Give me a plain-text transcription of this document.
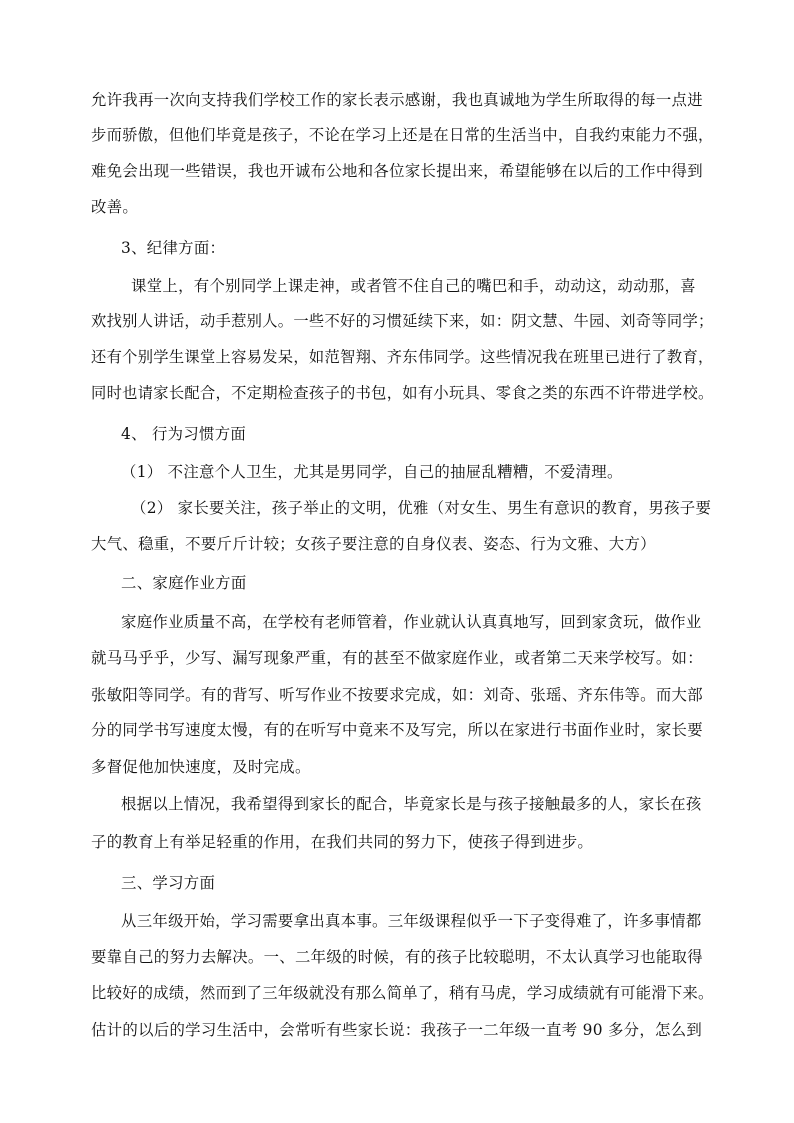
允许我再一次向支持我们学校工作的家长表示感谢，我也真诚地为学生所取得的每一点进
步而骄傲，但他们毕竟是孩子，不论在学习上还是在日常的生活当中，自我约束能力不强，
难免会出现一些错误，我也开诚布公地和各位家长提出来，希望能够在以后的工作中得到
改善。
3、纪律方面：
课堂上，有个别同学上课走神，或者管不住自己的嘴巴和手，动动这，动动那，喜
欢找别人讲话，动手惹别人。一些不好的习惯延续下来，如：阴文慧、牛园、刘奇等同学；
还有个别学生课堂上容易发呆，如范智翔、齐东伟同学。这些情况我在班里已进行了教育，
同时也请家长配合，不定期检查孩子的书包，如有小玩具、零食之类的东西不许带进学校。
4、 行为习惯方面
（1） 不注意个人卫生，尤其是男同学，自己的抽屉乱糟糟，不爱清理。
（2） 家长要关注，孩子举止的文明，优雅（对女生、男生有意识的教育，男孩子要
大气、稳重，不要斤斤计较；女孩子要注意的自身仪表、姿态、行为文雅、大方）
二、家庭作业方面
家庭作业质量不高，在学校有老师管着，作业就认认真真地写，回到家贪玩，做作业
就马马乎乎，少写、漏写现象严重，有的甚至不做家庭作业，或者第二天来学校写。如：
张敏阳等同学。有的背写、听写作业不按要求完成，如：刘奇、张瑶、齐东伟等。而大部
分的同学书写速度太慢，有的在听写中竟来不及写完，所以在家进行书面作业时，家长要
多督促他加快速度，及时完成。
根据以上情况，我希望得到家长的配合，毕竟家长是与孩子接触最多的人，家长在孩
子的教育上有举足轻重的作用，在我们共同的努力下，使孩子得到进步。
三、学习方面
从三年级开始，学习需要拿出真本事。三年级课程似乎一下子变得难了，许多事情都
要靠自己的努力去解决。一、二年级的时候，有的孩子比较聪明，不太认真学习也能取得
比较好的成绩，然而到了三年级就没有那么简单了，稍有马虎，学习成绩就有可能滑下来。
估计的以后的学习生活中，会常听有些家长说：我孩子一二年级一直考 90 多分，怎么到
